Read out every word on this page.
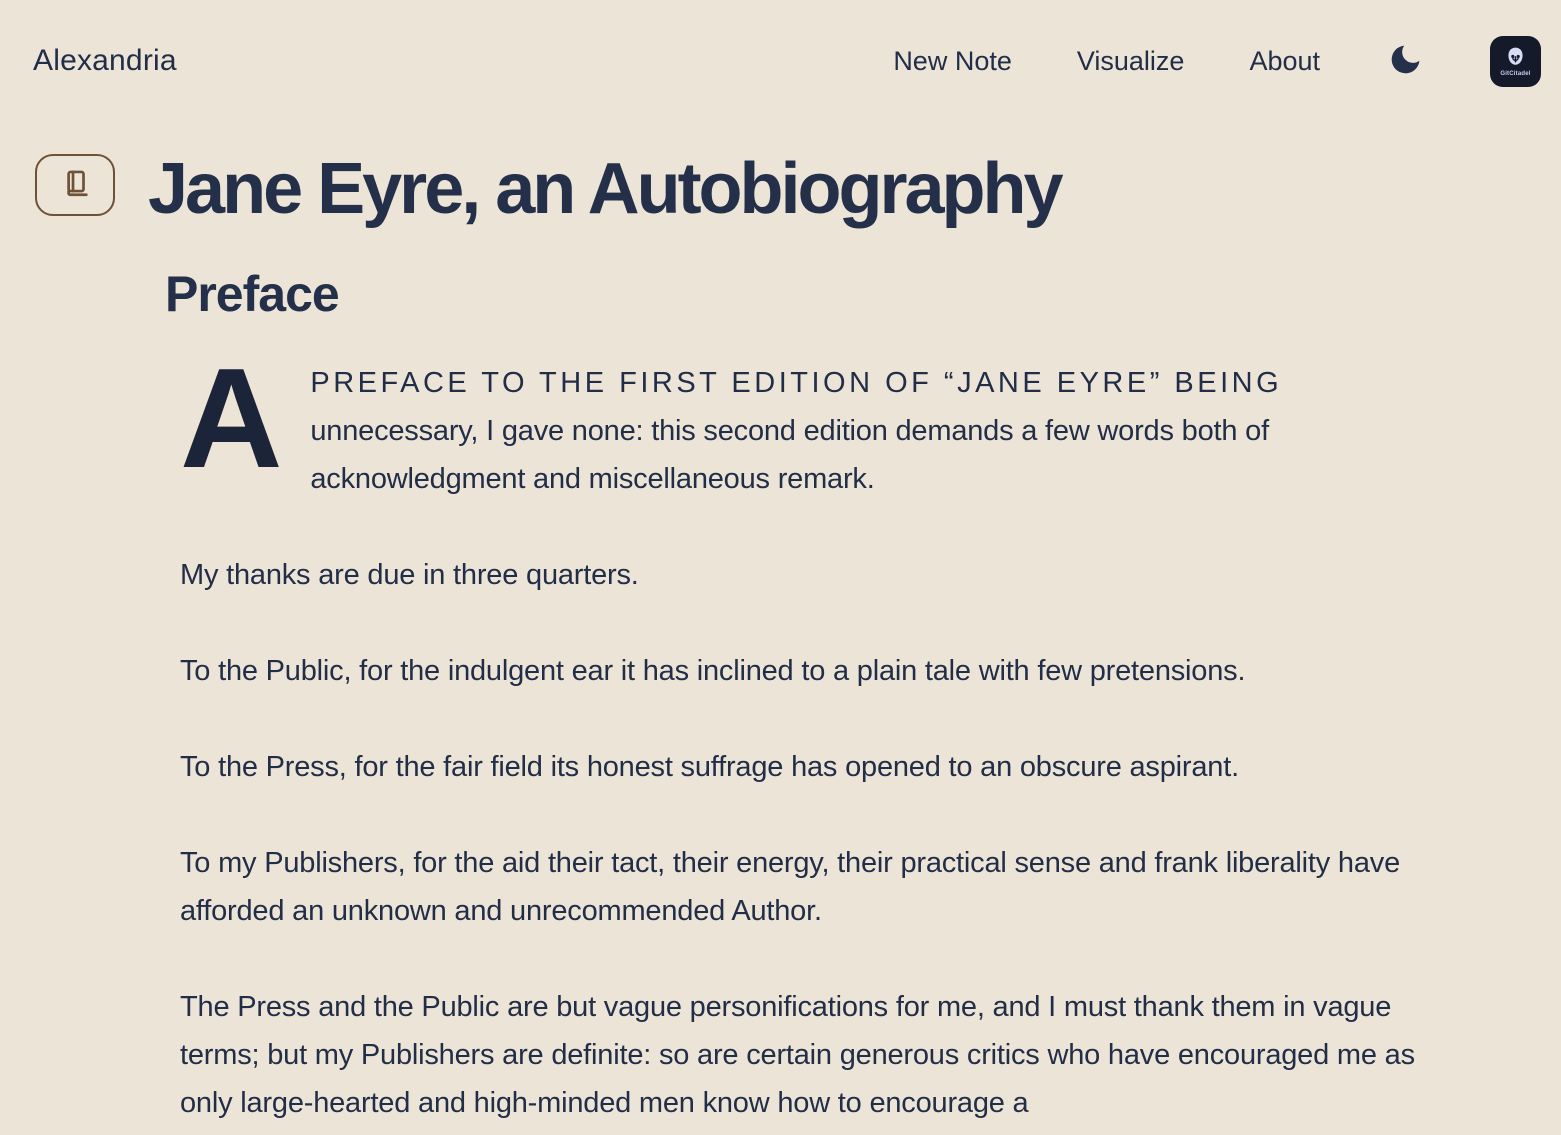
Alexandria	New Note Visualize About	GitCitadel
Jane Eyre, an Autobiography
Preface

A PREFACE TO THE FIRST EDITION OF “JANE EYRE” BEING unnecessary, I gave none: this second edition demands a few words both of acknowledgment and miscellaneous remark.

My thanks are due in three quarters.

To the Public, for the indulgent ear it has inclined to a plain tale with few pretensions.

To the Press, for the fair field its honest suffrage has opened to an obscure aspirant.

To my Publishers, for the aid their tact, their energy, their practical sense and frank liberality have afforded an unknown and unrecommended Author.

The Press and the Public are but vague personifications for me, and I must thank them in vague terms; but my Publishers are definite: so are certain generous critics who have encouraged me as only large-hearted and high-minded men know how to encourage a
